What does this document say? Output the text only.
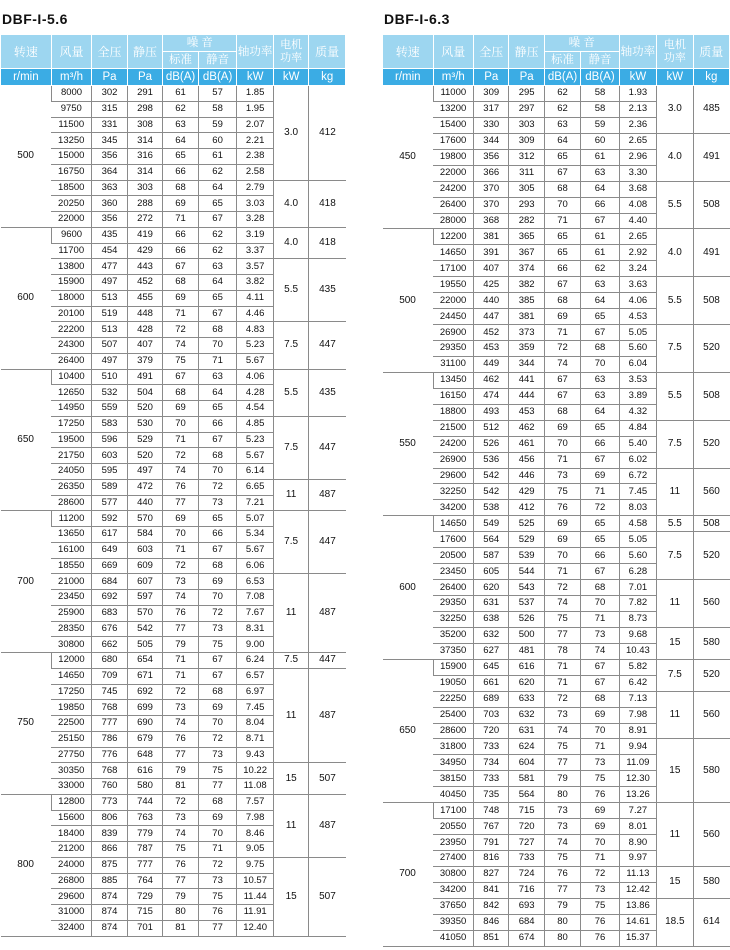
DBF-I-5.6
转速	风量	全压	静压	噪 音		轴功率	电机
功率	质量
				标准	静音			
r/min	m³/h	Pa	Pa	dB(A)	dB(A)	kW	kW	kg
500	8000	302	291	61	57	1.85	3.0	412
	9750	315	298	62	58	1.95		
	11500	331	308	63	59	2.07		
	13250	345	314	64	60	2.21		
	15000	356	316	65	61	2.38		
	16750	364	314	66	62	2.58		
	18500	363	303	68	64	2.79	4.0	418
	20250	360	288	69	65	3.03		
	22000	356	272	71	67	3.28		
600	9600	435	419	66	62	3.19	4.0	418
	11700	454	429	66	62	3.37		
	13800	477	443	67	63	3.57	5.5	435
	15900	497	452	68	64	3.82		
	18000	513	455	69	65	4.11		
	20100	519	448	71	67	4.46		
	22200	513	428	72	68	4.83	7.5	447
	24300	507	407	74	70	5.23		
	26400	497	379	75	71	5.67		
650	10400	510	491	67	63	4.06	5.5	435
	12650	532	504	68	64	4.28		
	14950	559	520	69	65	4.54		
	17250	583	530	70	66	4.85	7.5	447
	19500	596	529	71	67	5.23		
	21750	603	520	72	68	5.67		
	24050	595	497	74	70	6.14		
	26350	589	472	76	72	6.65	11	487
	28600	577	440	77	73	7.21		
700	11200	592	570	69	65	5.07	7.5	447
	13650	617	584	70	66	5.34		
	16100	649	603	71	67	5.67		
	18550	669	609	72	68	6.06		
	21000	684	607	73	69	6.53	11	487
	23450	692	597	74	70	7.08		
	25900	683	570	76	72	7.67		
	28350	676	542	77	73	8.31		
	30800	662	505	79	75	9.00		
750	12000	680	654	71	67	6.24	7.5	447
	14650	709	671	71	67	6.57	11	487
	17250	745	692	72	68	6.97		
	19850	768	699	73	69	7.45		
	22500	777	690	74	70	8.04		
	25150	786	679	76	72	8.71		
	27750	776	648	77	73	9.43		
	30350	768	616	79	75	10.22	15	507
	33000	760	580	81	77	11.08		
800	12800	773	744	72	68	7.57	11	487
	15600	806	763	73	69	7.98		
	18400	839	779	74	70	8.46		
	21200	866	787	75	71	9.05		
	24000	875	777	76	72	9.75	15	507
	26800	885	764	77	73	10.57		
	29600	874	729	79	75	11.44		
	31000	874	715	80	76	11.91		
	32400	874	701	81	77	12.40		
DBF-I-6.3
转速	风量	全压	静压	噪 音		轴功率	电机
功率	质量
				标准	静音			
r/min	m³/h	Pa	Pa	dB(A)	dB(A)	kW	kW	kg
450	11000	309	295	62	58	1.93	3.0	485
	13200	317	297	62	58	2.13		
	15400	330	303	63	59	2.36		
	17600	344	309	64	60	2.65	4.0	491
	19800	356	312	65	61	2.96		
	22000	366	311	67	63	3.30		
	24200	370	305	68	64	3.68	5.5	508
	26400	370	293	70	66	4.08		
	28000	368	282	71	67	4.40		
500	12200	381	365	65	61	2.65	4.0	491
	14650	391	367	65	61	2.92		
	17100	407	374	66	62	3.24		
	19550	425	382	67	63	3.63	5.5	508
	22000	440	385	68	64	4.06		
	24450	447	381	69	65	4.53		
	26900	452	373	71	67	5.05	7.5	520
	29350	453	359	72	68	5.60		
	31100	449	344	74	70	6.04		
550	13450	462	441	67	63	3.53	5.5	508
	16150	474	444	67	63	3.89		
	18800	493	453	68	64	4.32		
	21500	512	462	69	65	4.84	7.5	520
	24200	526	461	70	66	5.40		
	26900	536	456	71	67	6.02		
	29600	542	446	73	69	6.72	11	560
	32250	542	429	75	71	7.45		
	34200	538	412	76	72	8.03		
600	14650	549	525	69	65	4.58	5.5	508
	17600	564	529	69	65	5.05	7.5	520
	20500	587	539	70	66	5.60		
	23450	605	544	71	67	6.28		
	26400	620	543	72	68	7.01	11	560
	29350	631	537	74	70	7.82		
	32250	638	526	75	71	8.73		
	35200	632	500	77	73	9.68	15	580
	37350	627	481	78	74	10.43		
650	15900	645	616	71	67	5.82	7.5	520
	19050	661	620	71	67	6.42		
	22250	689	633	72	68	7.13	11	560
	25400	703	632	73	69	7.98		
	28600	720	631	74	70	8.91		
	31800	733	624	75	71	9.94	15	580
	34950	734	604	77	73	11.09		
	38150	733	581	79	75	12.30		
	40450	735	564	80	76	13.26		
700	17100	748	715	73	69	7.27	11	560
	20550	767	720	73	69	8.01		
	23950	791	727	74	70	8.90		
	27400	816	733	75	71	9.97		
	30800	827	724	76	72	11.13	15	580
	34200	841	716	77	73	12.42		
	37650	842	693	79	75	13.86	18.5	614
	39350	846	684	80	76	14.61		
	41050	851	674	80	76	15.37		
